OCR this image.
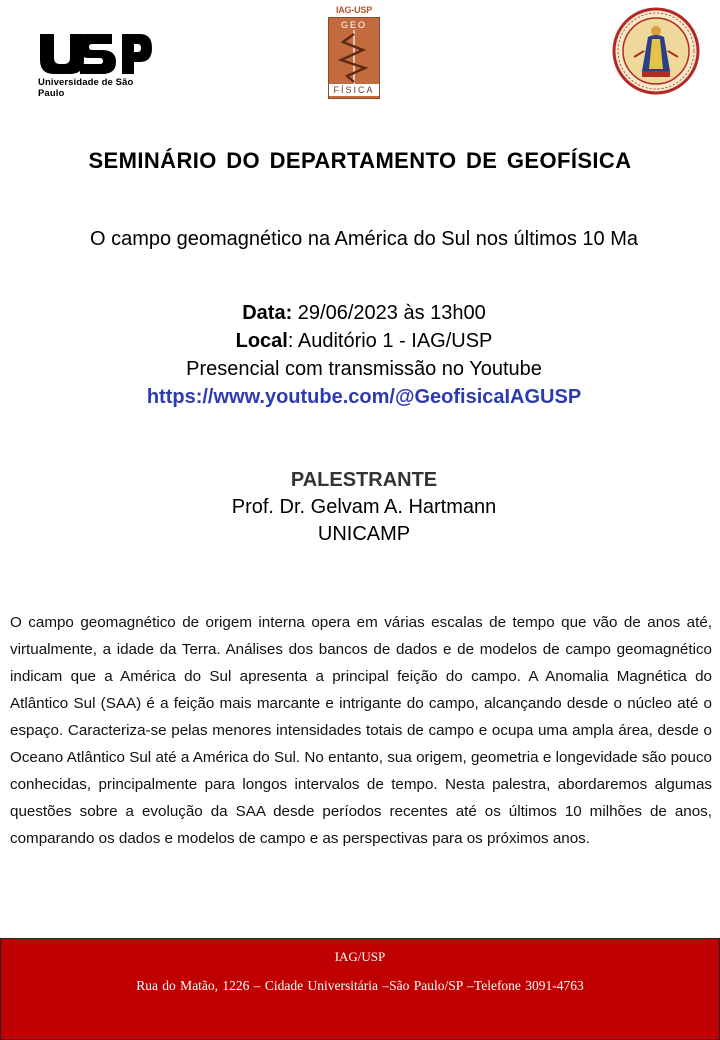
Universidade de São Paulo
IAG-USP
GEO
FÍSICA
SEMINÁRIO DO DEPARTAMENTO DE GEOFÍSICA
O campo geomagnético na América do Sul nos últimos 10 Ma
Data: 29/06/2023 às 13h00
Local: Auditório 1 - IAG/USP
Presencial com transmissão no Youtube
https://www.youtube.com/@GeofisicaIAGUSP
PALESTRANTE
Prof. Dr. Gelvam A. Hartmann
UNICAMP

O campo geomagnético de origem interna opera em várias escalas de tempo que vão de anos até, virtualmente, a idade da Terra. Análises dos bancos de dados e de modelos de campo geomagnético indicam que a América do Sul apresenta a principal feição do campo. A Anomalia Magnética do Atlântico Sul (SAA) é a feição mais marcante e intrigante do campo, alcançando desde o núcleo até o espaço. Caracteriza-se pelas menores intensidades totais de campo e ocupa uma ampla área, desde o Oceano Atlântico Sul até a América do Sul. No entanto, sua origem, geometria e longevidade são pouco conhecidas, principalmente para longos intervalos de tempo. Nesta palestra, abordaremos algumas questões sobre a evolução da SAA desde períodos recentes até os últimos 10 milhões de anos, comparando os dados e modelos de campo e as perspectivas para os próximos anos.

IAG/USP
Rua do Matão, 1226 – Cidade Universitária –São Paulo/SP –Telefone 3091-4763
